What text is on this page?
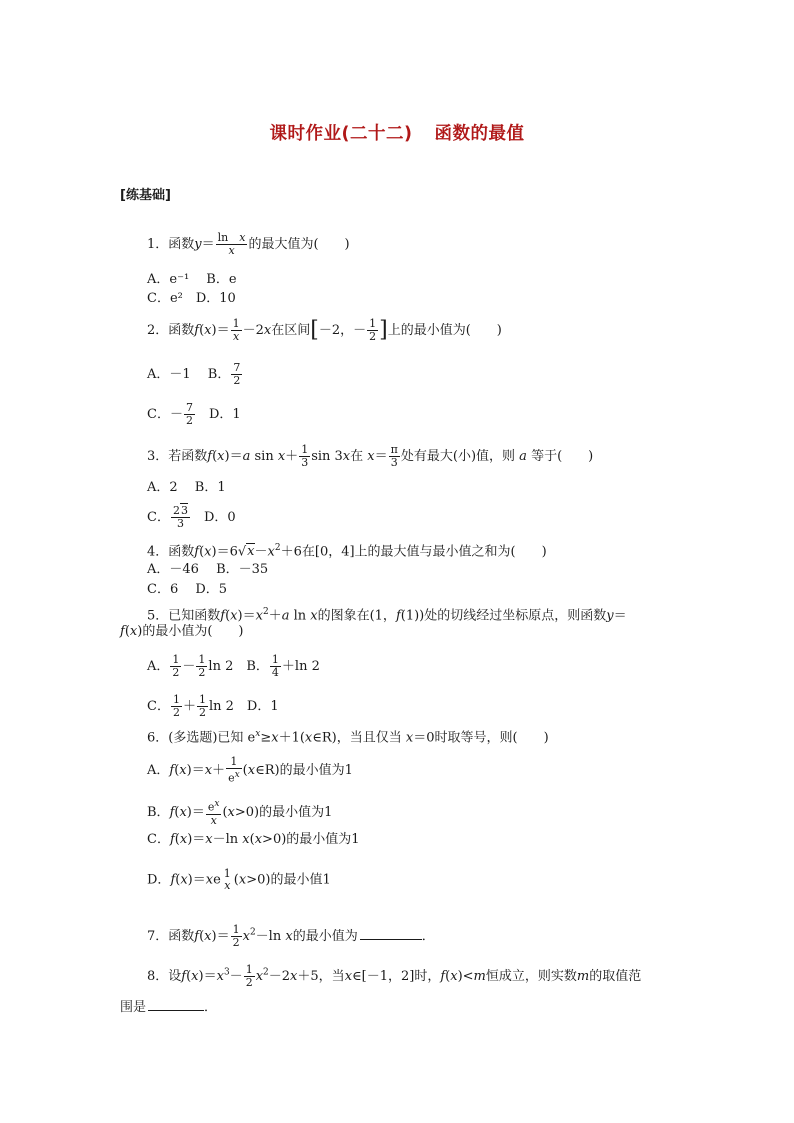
课时作业(二十二) 函数的最值
[练基础]
1．函数$y= \frac{\text{ln　x}}{x}$ 的最大值为(　　)
A．e⁻¹　 B．e
C．e²　D．10
2．函数$f(x)= \frac{1}{x} -2x$在区间[－2，－ $\frac{1}{2}$ ]上的最小值为(　　)
A．－1　 B． $\frac{7}{2}$
C．－ $\frac{7}{2}$ 　D．1
3．若函数f(x)＝a $\sin x+ \frac{1}{3}$ sin 3x在 $x= \frac{\pi}{3}$ 处有最大(小)值，则 a 等于(　　)
A．2　 B．1
C． $\frac{23}{3}$ 　D．0
4．函数$f(x)=6√x-x^2+6$在[0，4]上的最大值与最小值之和为(　　)
A．－46　 B．－35
C．6　 D．5
5．已知函数$f(x)=x^2+a$ ln x的图象在(1，f(1))处的切线经过坐标原点，则函数y＝
f(x)的最小值为(　　)
A． $\frac{1}{2} - \frac{1}{2}$ ln 2　B． $\frac{1}{4} +\ln$ 2
C． $\frac{1}{2} + \frac{1}{2}$ ln 2　D．1
6．(多选题)已知 $e^x\ge x+1(x\in R)$，当且仅当 x＝0时取等号，则(　　)
A．$f(x)=x+ \frac{1}{e^x}$ (x∈R)的最小值为1
B．$f(x)= \frac{e^x}{x} (x>0)$的最小值为1
C．f(x)＝x－ln x(x>0)的最小值为1
D．f(x)＝xe 1
x (x>0)的最小值1
7．函数$f(x)= \frac{1}{2} x^2-\ln$ x的最小值为	．
8．设$f(x)=x^3- \frac{1}{2} x^2-2x+5$，当x∈[－1，2]时，f(x)<m恒成立，则实数m的取值范
围是	．
